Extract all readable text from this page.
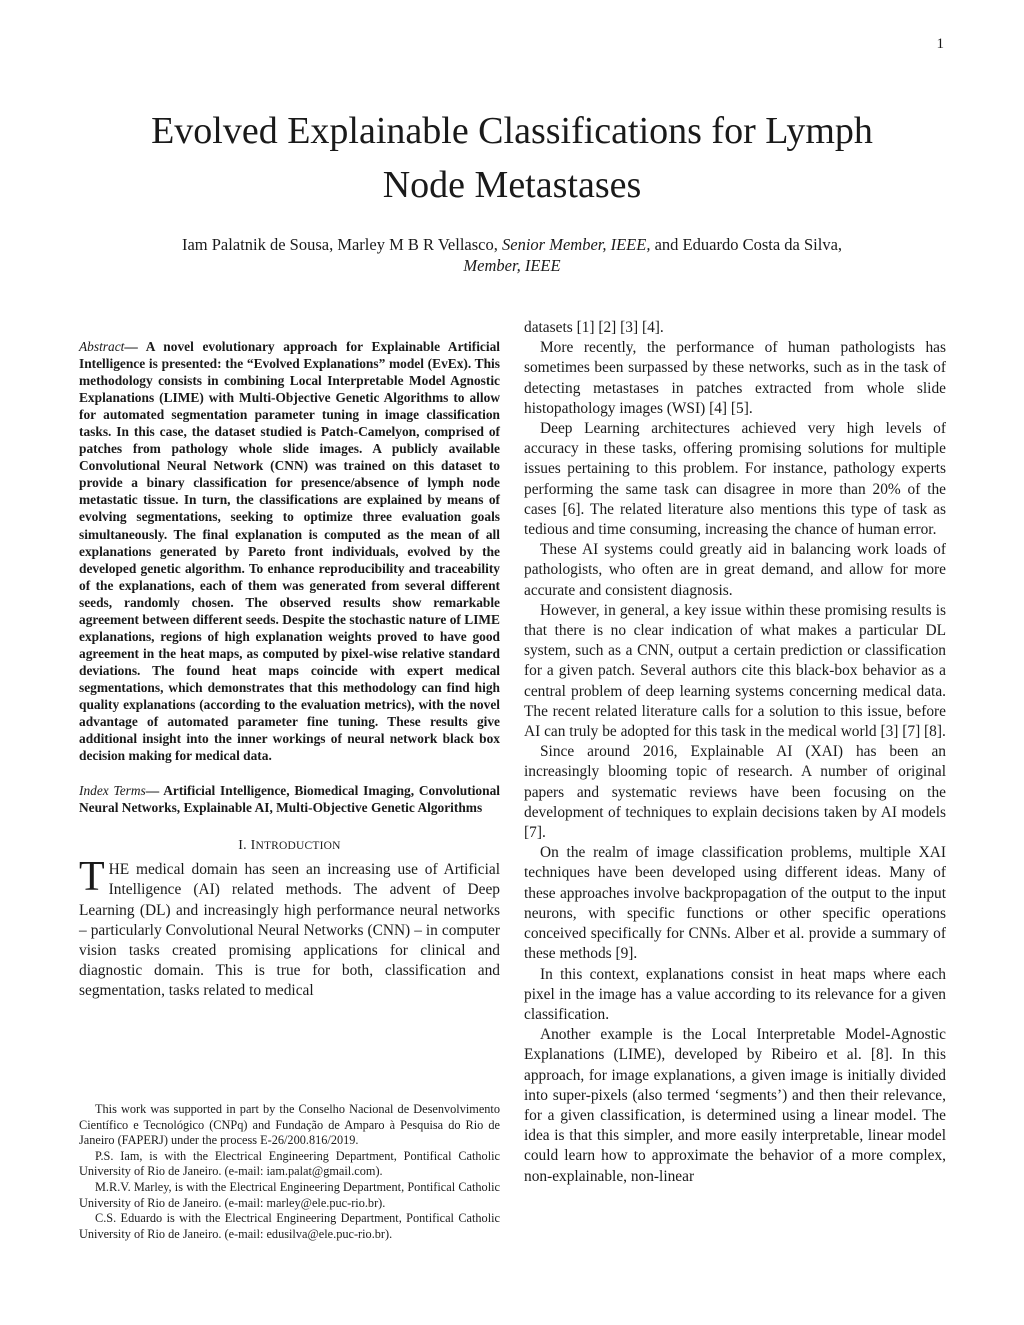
1
Evolved Explainable Classifications for Lymph
Node Metastases
Iam Palatnik de Sousa, Marley M B R Vellasco, Senior Member, IEEE, and Eduardo Costa da Silva,
Member, IEEE

Abstract— A novel evolutionary approach for Explainable Artificial Intelligence is presented: the “Evolved Explanations” model (EvEx). This methodology consists in combining Local Interpretable Model Agnostic Explanations (LIME) with Multi-Objective Genetic Algorithms to allow for automated segmentation parameter tuning in image classification tasks. In this case, the dataset studied is Patch-Camelyon, comprised of patches from pathology whole slide images. A publicly available Convolutional Neural Network (CNN) was trained on this dataset to provide a binary classification for presence/absence of lymph node metastatic tissue. In turn, the classifications are explained by means of evolving segmentations, seeking to optimize three evaluation goals simultaneously. The final explanation is computed as the mean of all explanations generated by Pareto front individuals, evolved by the developed genetic algorithm. To enhance reproducibility and traceability of the explanations, each of them was generated from several different seeds, randomly chosen. The observed results show remarkable agreement between different seeds. Despite the stochastic nature of LIME explanations, regions of high explanation weights proved to have good agreement in the heat maps, as computed by pixel-wise relative standard deviations. The found heat maps coincide with expert medical segmentations, which demonstrates that this methodology can find high quality explanations (according to the evaluation metrics), with the novel advantage of automated parameter fine tuning. These results give additional insight into the inner workings of neural network black box decision making for medical data.

Index Terms— Artificial Intelligence, Biomedical Imaging, Convolutional Neural Networks, Explainable AI, Multi-Objective Genetic Algorithms

I. INTRODUCTION

THE medical domain has seen an increasing use of Artificial Intelligence (AI) related methods. The advent of Deep Learning (DL) and increasingly high performance neural networks – particularly Convolutional Neural Networks (CNN) – in computer vision tasks created promising applications for clinical and diagnostic domain. This is true for both, classification and segmentation, tasks related to medical

This work was supported in part by the Conselho Nacional de Desenvolvimento Científico e Tecnológico (CNPq) and Fundação de Amparo à Pesquisa do Rio de Janeiro (FAPERJ) under the process E-26/200.816/2019.

P.S. Iam, is with the Electrical Engineering Department, Pontifical Catholic University of Rio de Janeiro. (e-mail: iam.palat@gmail.com).

M.R.V. Marley, is with the Electrical Engineering Department, Pontifical Catholic University of Rio de Janeiro. (e-mail: marley@ele.puc-rio.br).

C.S. Eduardo is with the Electrical Engineering Department, Pontifical Catholic University of Rio de Janeiro. (e-mail: edusilva@ele.puc-rio.br).

datasets [1] [2] [3] [4].

More recently, the performance of human pathologists has sometimes been surpassed by these networks, such as in the task of detecting metastases in patches extracted from whole slide histopathology images (WSI) [4] [5].

Deep Learning architectures achieved very high levels of accuracy in these tasks, offering promising solutions for multiple issues pertaining to this problem. For instance, pathology experts performing the same task can disagree in more than 20% of the cases [6]. The related literature also mentions this type of task as tedious and time consuming, increasing the chance of human error.

These AI systems could greatly aid in balancing work loads of pathologists, who often are in great demand, and allow for more accurate and consistent diagnosis.

However, in general, a key issue within these promising results is that there is no clear indication of what makes a particular DL system, such as a CNN, output a certain prediction or classification for a given patch. Several authors cite this black-box behavior as a central problem of deep learning systems concerning medical data. The recent related literature calls for a solution to this issue, before AI can truly be adopted for this task in the medical world [3] [7] [8].

Since around 2016, Explainable AI (XAI) has been an increasingly blooming topic of research. A number of original papers and systematic reviews have been focusing on the development of techniques to explain decisions taken by AI models [7].

On the realm of image classification problems, multiple XAI techniques have been developed using different ideas. Many of these approaches involve backpropagation of the output to the input neurons, with specific functions or other specific operations conceived specifically for CNNs. Alber et al. provide a summary of these methods [9].

In this context, explanations consist in heat maps where each pixel in the image has a value according to its relevance for a given classification.

Another example is the Local Interpretable Model-Agnostic Explanations (LIME), developed by Ribeiro et al. [8]. In this approach, for image explanations, a given image is initially divided into super-pixels (also termed ‘segments’) and then their relevance, for a given classification, is determined using a linear model. The idea is that this simpler, and more easily interpretable, linear model could learn how to approximate the behavior of a more complex, non-explainable, non-linear
